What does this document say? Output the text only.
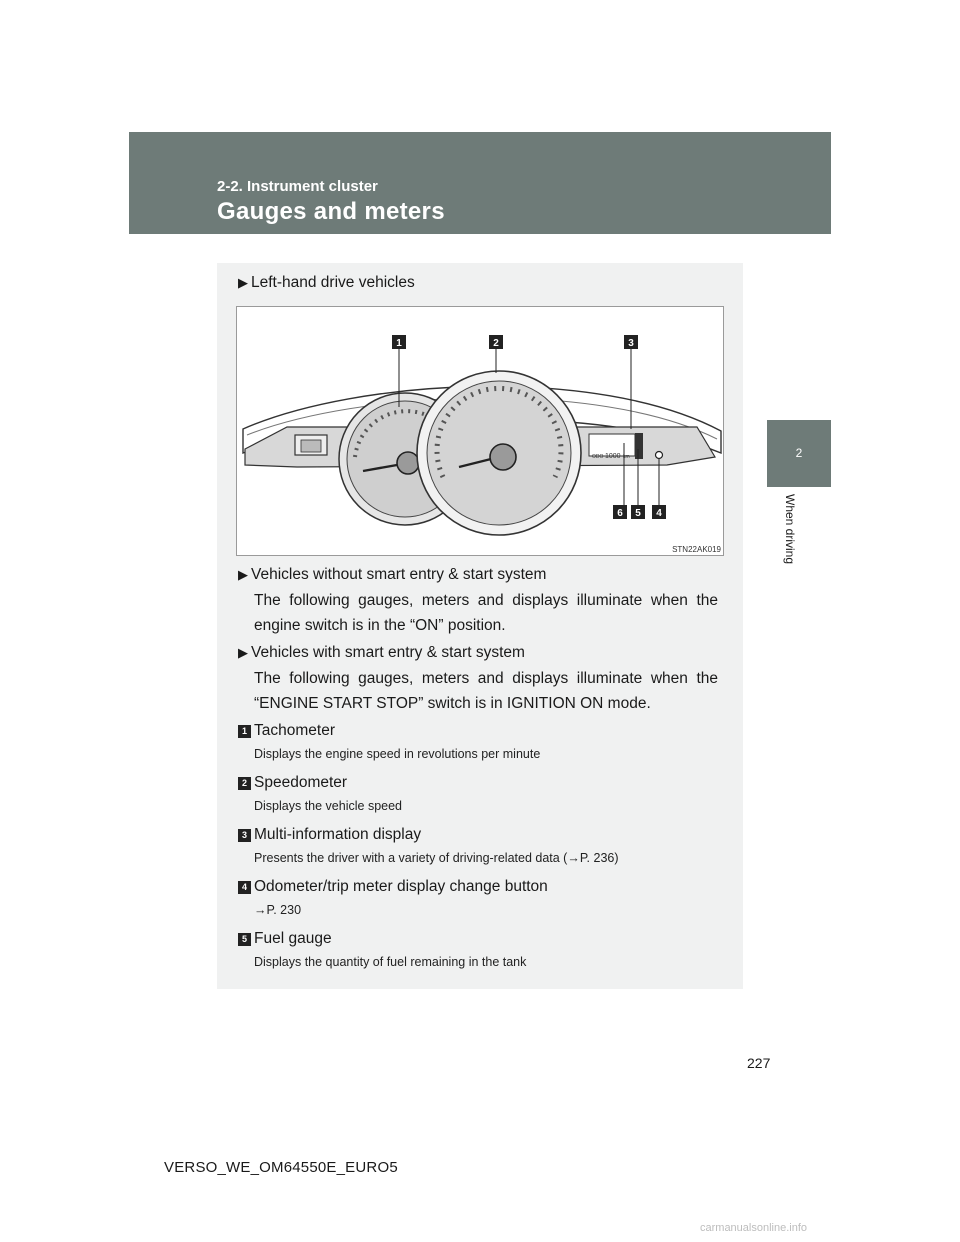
2-2. Instrument cluster
Gauges and meters
2
When driving
▶ Left-hand drive vehicles
ODO 1000 km
1	2	3
6 5 4
STN22AK019
▶ Vehicles without smart entry & start system
The following gauges, meters and displays illuminate when the engine switch is in the “ON” position.
▶ Vehicles with smart entry & start system
The following gauges, meters and displays illuminate when the “ENGINE START STOP” switch is in IGNITION ON mode.
1 Tachometer
Displays the engine speed in revolutions per minute
2 Speedometer
Displays the vehicle speed
3 Multi-information display
Presents the driver with a variety of driving-related data (→P. 236)
4 Odometer/trip meter display change button
→P. 230
5 Fuel gauge
Displays the quantity of fuel remaining in the tank
227
VERSO_WE_OM64550E_EURO5
carmanualsonline.info
